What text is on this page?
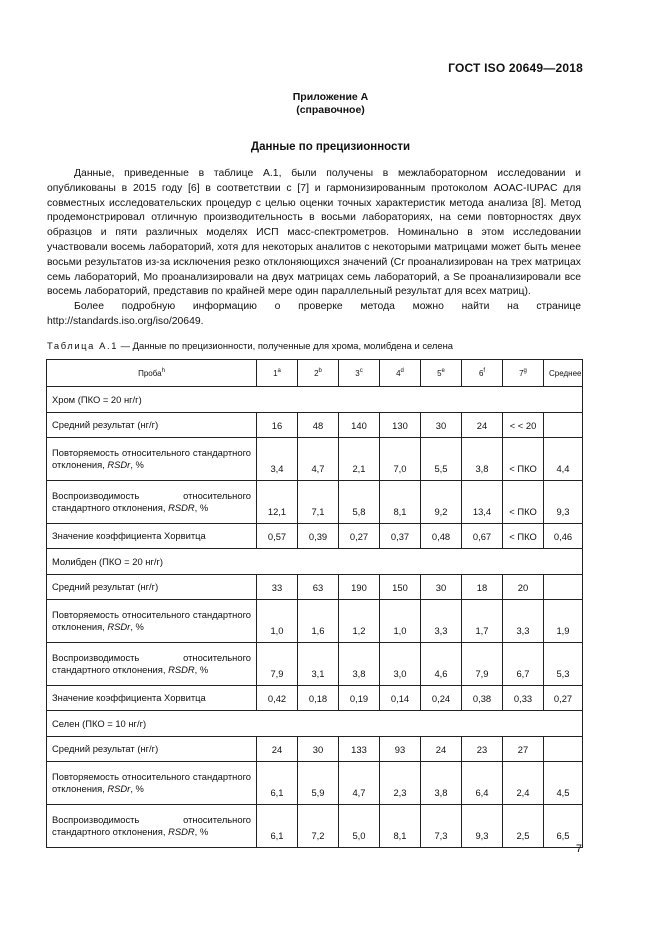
ГОСТ ISO 20649—2018
Приложение А
(справочное)
Данные по прецизионности

Данные, приведенные в таблице А.1, были получены в межлабораторном исследовании и опубликованы в 2015 году [6] в соответствии с [7] и гармонизированным протоколом AOAC-IUPAC для совместных исследовательских процедур с целью оценки точных характеристик метода анализа [8]. Метод продемонстрировал отличную производительность в восьми лабораториях, на семи повторностях двух образцов и пяти различных моделях ИСП масс-спектрометров. Номинально в этом исследовании участвовали восемь лабораторий, хотя для некоторых аналитов с некоторыми матрицами может быть менее восьми результатов из-за исключения резко отклоняющихся значений (Cr проанализирован на трех матрицах семь лабораторий, Mo проанализировали на двух матрицах семь лабораторий, а Se проанализировали все восемь лабораторий, представив по крайней мере один параллельный результат для всех матриц).

Более подробную информацию о проверке метода можно найти на странице http://standards.iso.org/iso/20649.

Таблица А.1 — Данные по прецизионности, полученные для хрома, молибдена и селена
Проба$^h$	1$^a$	2$^b$	3$^c$	4$^d$	5e	6$^f$	7$^g$	Среднее
Хром (ПКО = 20 нг/г)								
Средний результат (нг/г)	16	48	140	130	30	24	< < 20	
Повторяемость относительного стандартного отклонения, RSDr, %	3,4	4,7	2,1	7,0	5,5	3,8	< ПКО	4,4
Воспроизводимость относительного стандартного отклонения, RSDR, %	12,1	7,1	5,8	8,1	9,2	13,4	< ПКО	9,3
Значение коэффициента Хорвитца	0,57	0,39	0,27	0,37	0,48	0,67	< ПКО	0,46
Молибден (ПКО = 20 нг/г)								
Средний результат (нг/г)	33	63	190	150	30	18	20	
Повторяемость относительного стандартного отклонения, RSDr, %	1,0	1,6	1,2	1,0	3,3	1,7	3,3	1,9
Воспроизводимость относительного стандартного отклонения, RSDR, %	7,9	3,1	3,8	3,0	4,6	7,9	6,7	5,3
Значение коэффициента Хорвитца	0,42	0,18	0,19	0,14	0,24	0,38	0,33	0,27
Селен (ПКО = 10 нг/г)								
Средний результат (нг/г)	24	30	133	93	24	23	27	
Повторяемость относительного стандартного отклонения, RSDr, %	6,1	5,9	4,7	2,3	3,8	6,4	2,4	4,5
Воспроизводимость относительного стандартного отклонения, RSDR, %	6,1	7,2	5,0	8,1	7,3	9,3	2,5	6,5
7
